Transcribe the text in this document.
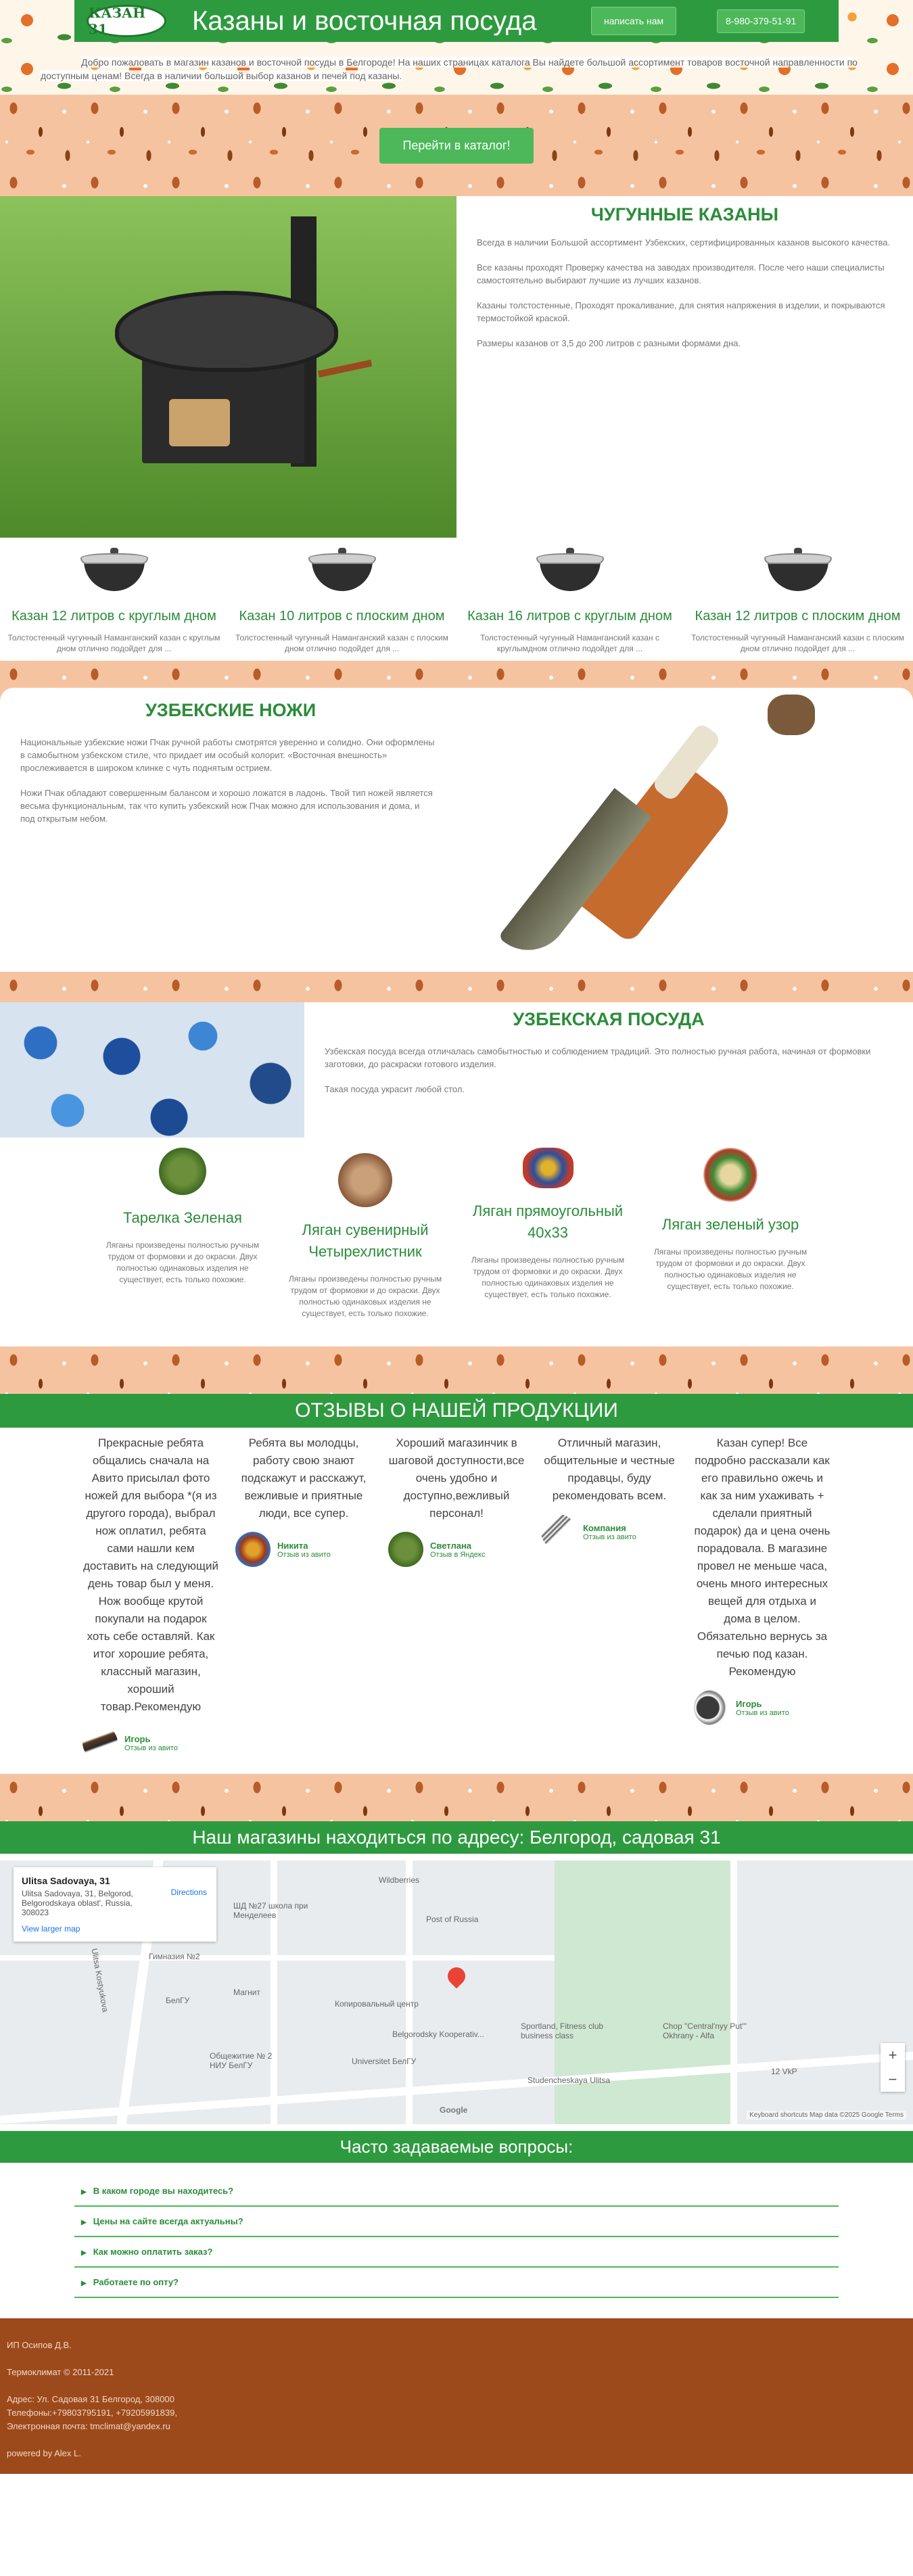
КАЗАН 31	Казаны и восточная посуда	написать нам	8-980-379-51-91

Добро пожаловать в магазин казанов и восточной посуды в Белгороде! На наших страницах каталога Вы найдете большой ассортимент товаров восточной направленности по доступным ценам! Всегда в наличии большой выбор казанов и печей под казаны.

Перейти в каталог!
ЧУГУННЫЕ КАЗАНЫ

Всегда в наличии Большой ассортимент Узбекских, сертифицированных казанов высокого качества.

Все казаны проходят Проверку качества на заводах производителя. После чего наши специалисты самостоятельно выбирают лучшие из лучших казанов.

Казаны толстостенные, Проходят прокаливание, для снятия напряжения в изделии, и покрываются термостойкой краской.

Размеры казанов от 3,5 до 200 литров с разными формами дна.

Казан 12 литров с круглым дном

Толстостенный чугунный Наманганский казан с круглым дном отлично подойдет для ...

Казан 10 литров с плоским дном

Толстостенный чугунный Наманганский казан с плоским дном отлично подойдет для ...

Казан 16 литров с круглым дном

Толстостенный чугунный Наманганский казан с круглымдном отлично подойдет для ...

Казан 12 литров с плоским дном

Толстостенный чугунный Наманганский казан с плоским дном отлично подойдет для ...

УЗБЕКСКИЕ НОЖИ

Национальные узбекские ножи Пчак ручной работы смотрятся уверенно и солидно. Они оформлены в самобытном узбекском стиле, что придает им особый колорит. «Восточная внешность» прослеживается в широком клинке с чуть поднятым острием.

Ножи Пчак обладают совершенным балансом и хорошо ложатся в ладонь. Твой тип ножей является весьма функциональным, так что купить узбекский нож Пчак можно для использования и дома, и под открытым небом.

УЗБЕКСКАЯ ПОСУДА

Узбекская посуда всегда отличалась самобытностью и соблюдением традиций. Это полностью ручная работа, начиная от формовки заготовки, до раскраски готового изделия.

Такая посуда украсит любой стол.

Тарелка Зеленая

Ляганы произведены полностью ручным трудом от формовки и до окраски. Двух полностью одинаковых изделия не существует, есть только похожие.

Ляган сувенирный Четырехлистник

Ляганы произведены полностью ручным трудом от формовки и до окраски. Двух полностью одинаковых изделия не существует, есть только похожие.

Ляган прямоугольный 40х33

Ляганы произведены полностью ручным трудом от формовки и до окраски. Двух полностью одинаковых изделия не существует, есть только похожие.

Ляган зеленый узор

Ляганы произведены полностью ручным трудом от формовки и до окраски. Двух полностью одинаковых изделия не существует, есть только похожие.

ОТЗЫВЫ О НАШЕЙ ПРОДУКЦИИ
Прекрасные ребята общались сначала на Авито присылал фото ножей для выбора *(я из другого города), выбрал нож оплатил, ребята сами нашли кем доставить на следующий день товар был у меня. Нож вообще крутой покупали на подарок хоть себе оставляй. Как итог хорошие ребята, классный магазин, хороший товар.Рекомендую
Игорь
Отзыв из авито
Ребята вы молодцы, работу свою знают подскажут и расскажут, вежливые и приятные люди, все супер.
Никита
Отзыв из авито
Хороший магазинчик в шаговой доступности,все очень удобно и доступно,вежливый персонал!
Светлана
Отзыв в Яндекс
Отличный магазин, общительные и честные продавцы, буду рекомендовать всем.
Компания
Отзыв из авито
Казан супер! Все подробно рассказали как его правильно ожечь и как за ним ухаживать + сделали приятный подарок) да и цена очень порадовала. В магазине провел не меньше часа, очень много интересных вещей для отдыха и дома в целом. Обязательно вернусь за печью под казан. Рекомендую
Игорь
Отзыв из авито
Наш магазины находиться по адресу: Белгород, садовая 31
Wildberries
Post of Russia
Гимназия №2
БелГУ
Магнит
Копировальный центр
Belgorodsky Kooperativ...
Sportland, Fitness club business class
Chop "Central'nyy Put'" Okhrany - Alfa
12 VkP
Studencheskaya Ulitsa
Ulitsa Kostyukova
Universitet БелГУ
Общежитие № 2 НИУ БелГУ
ШД №27 школа при Менделеев
Ulitsa Sadovaya, 31
Ulitsa Sadovaya, 31, Belgorod, Belgorodskaya oblast', Russia, 308023
Directions
View larger map
+
−
Google
Keyboard shortcuts Map data ©2025 Google Terms
Часто задаваемые вопросы:
▶ В каком городе вы находитесь?
▶ Цены на сайте всегда актуальны?
▶ Как можно оплатить заказ?
▶ Работаете по опту?
ИП Осипов Д.В.
Термоклимат © 2011-2021
Адрес: Ул. Садовая 31 Белгород, 308000
Телефоны:+79803795191, +79205991839,
Электронная почта: tmclimat@yandex.ru
powered by Alex L.
